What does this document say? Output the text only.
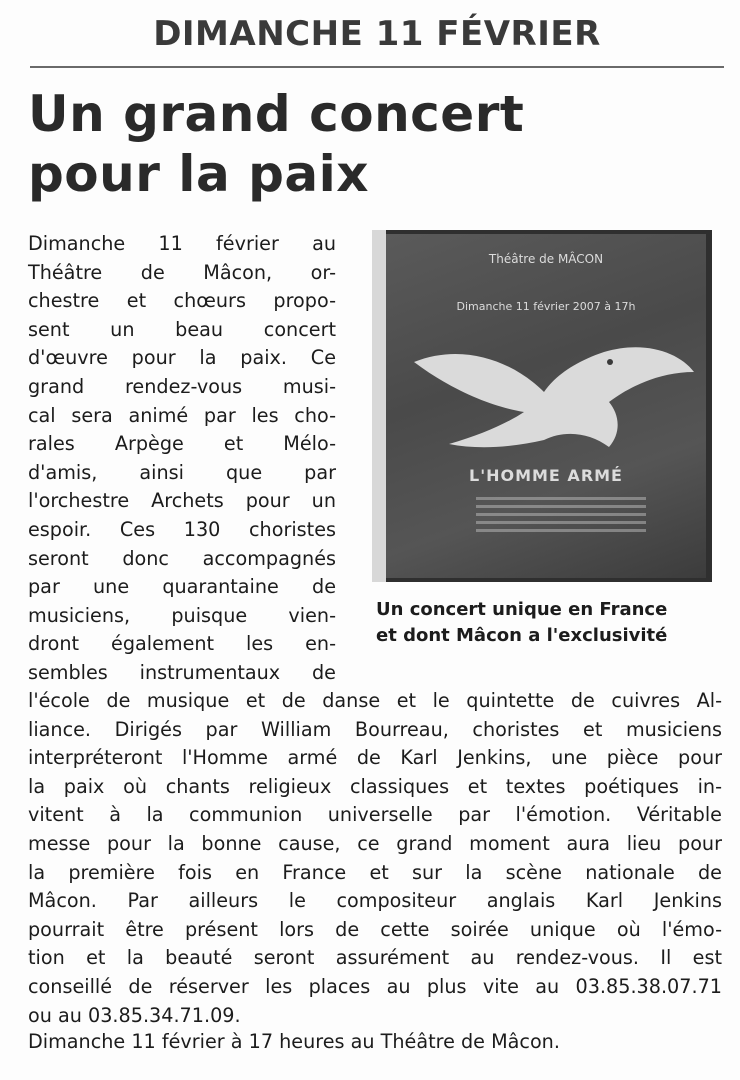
DIMANCHE 11 FÉVRIER
Un grand concert
pour la paix
Dimanche 11 février au
Théâtre de Mâcon, or-
chestre et chœurs propo-
sent un beau concert
d'œuvre pour la paix. Ce
grand rendez-vous musi-
cal sera animé par les cho-
rales Arpège et Mélo-
d'amis, ainsi que par
l'orchestre Archets pour un
espoir. Ces 130 choristes
seront donc accompagnés
par une quarantaine de
musiciens, puisque vien-
dront également les en-
sembles instrumentaux de
Théâtre de MÂCON
Dimanche 11 février 2007 à 17h
L'HOMME ARMÉ
Un concert unique en France
et dont Mâcon a l'exclusivité
l'école de musique et de danse et le quintette de cuivres Al-
liance. Dirigés par William Bourreau, choristes et musiciens
interpréteront l'Homme armé de Karl Jenkins, une pièce pour
la paix où chants religieux classiques et textes poétiques in-
vitent à la communion universelle par l'émotion. Véritable
messe pour la bonne cause, ce grand moment aura lieu pour
la première fois en France et sur la scène nationale de
Mâcon. Par ailleurs le compositeur anglais Karl Jenkins
pourrait être présent lors de cette soirée unique où l'émo-
tion et la beauté seront assurément au rendez-vous. Il est
conseillé de réserver les places au plus vite au 03.85.38.07.71
ou au 03.85.34.71.09.
Dimanche 11 février à 17 heures au Théâtre de Mâcon.
